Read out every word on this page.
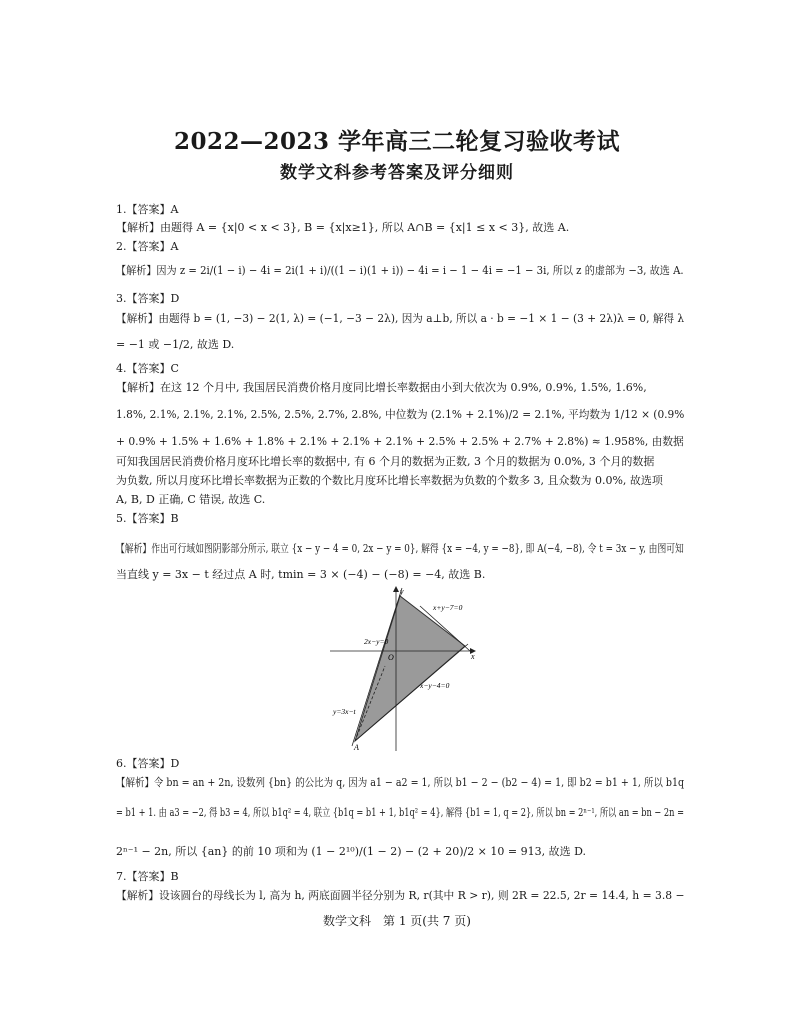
2022—2023 学年高三二轮复习验收考试
数学文科参考答案及评分细则
1.【答案】A
【解析】由题得 A = {x|0 < x < 3}, B = {x|x≥1}, 所以 A∩B = {x|1 ≤ x < 3}, 故选 A.
2.【答案】A
【解析】因为 z = 2i/(1 − i) − 4i = 2i(1 + i)/((1 − i)(1 + i)) − 4i = i − 1 − 4i = −1 − 3i, 所以 z 的虚部为 −3, 故选 A.
3.【答案】D
【解析】由题得 b = (1, −3) − 2(1, λ) = (−1, −3 − 2λ), 因为 a⊥b, 所以 a · b = −1 × 1 − (3 + 2λ)λ = 0, 解得 λ
= −1 或 −1/2, 故选 D.
4.【答案】C
【解析】在这 12 个月中, 我国居民消费价格月度同比增长率数据由小到大依次为 0.9%, 0.9%, 1.5%, 1.6%,
1.8%, 2.1%, 2.1%, 2.1%, 2.5%, 2.5%, 2.7%, 2.8%, 中位数为 (2.1% + 2.1%)/2 = 2.1%, 平均数为 1/12 × (0.9%
+ 0.9% + 1.5% + 1.6% + 1.8% + 2.1% + 2.1% + 2.1% + 2.5% + 2.5% + 2.7% + 2.8%) ≈ 1.958%, 由数据
可知我国居民消费价格月度环比增长率的数据中, 有 6 个月的数据为正数, 3 个月的数据为 0.0%, 3 个月的数据
为负数, 所以月度环比增长率数据为正数的个数比月度环比增长率数据为负数的个数多 3, 且众数为 0.0%, 故选项
A, B, D 正确, C 错误, 故选 C.
5.【答案】B
【解析】作出可行域如图阴影部分所示, 联立 {x − y − 4 = 0, 2x − y = 0}, 解得 {x = −4, y = −8}, 即 A(−4, −8), 令 t = 3x − y, 由图可知
当直线 y = 3x − t 经过点 A 时, tmin = 3 × (−4) − (−8) = −4, 故选 B.
x
y
O
A
x+y−7=0
2x−y=0
x−y−4=0
y=3x−t
6.【答案】D
【解析】令 bn = an + 2n, 设数列 {bn} 的公比为 q, 因为 a1 − a2 = 1, 所以 b1 − 2 − (b2 − 4) = 1, 即 b2 = b1 + 1, 所以 b1q
= b1 + 1. 由 a3 = −2, 得 b3 = 4, 所以 b1q² = 4, 联立 {b1q = b1 + 1, b1q² = 4}, 解得 {b1 = 1, q = 2}, 所以 bn = 2ⁿ⁻¹, 所以 an = bn − 2n =
2ⁿ⁻¹ − 2n, 所以 {an} 的前 10 项和为 (1 − 2¹⁰)/(1 − 2) − (2 + 20)/2 × 10 = 913, 故选 D.
7.【答案】B
【解析】设该圆台的母线长为 l, 高为 h, 两底面圆半径分别为 R, r(其中 R > r), 则 2R = 22.5, 2r = 14.4, h = 3.8 −
数学文科　第 1 页(共 7 页)
